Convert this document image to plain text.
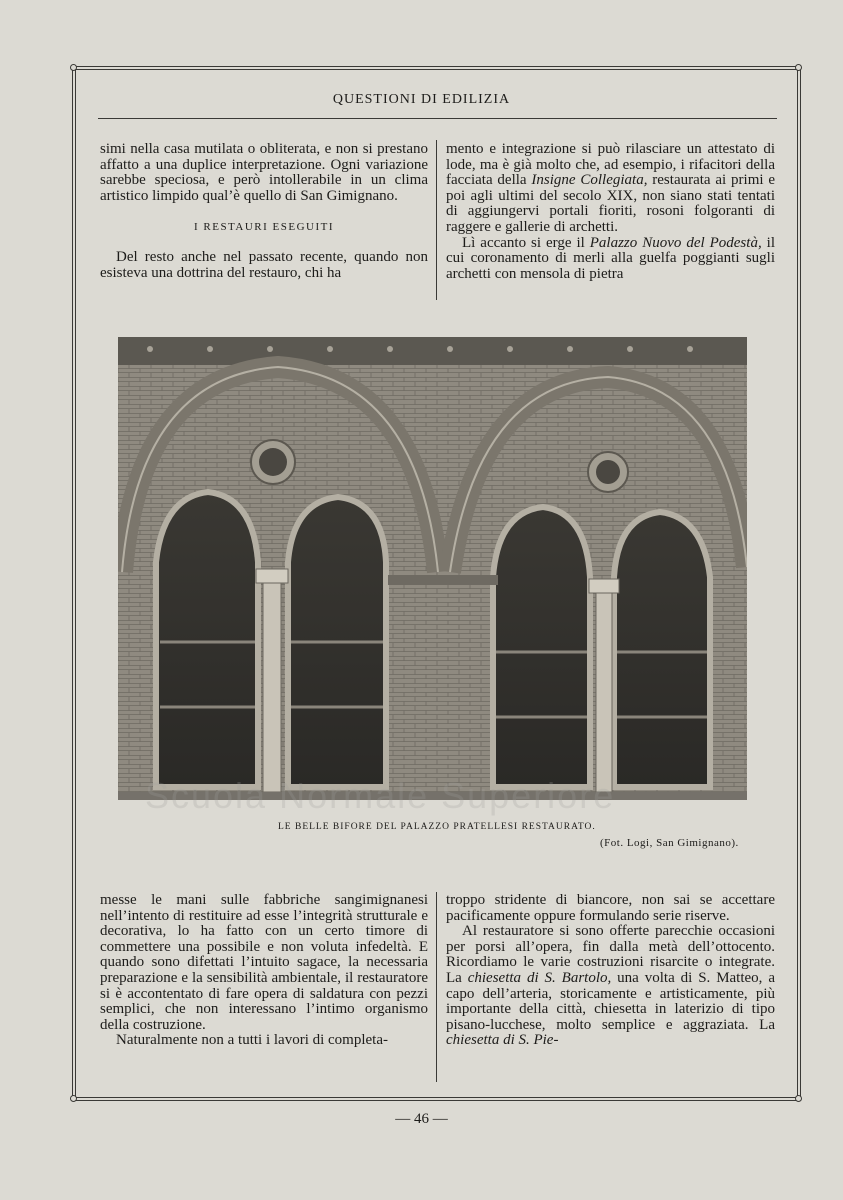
QUESTIONI DI EDILIZIA

simi nella casa mutilata o obliterata, e non si prestano affatto a una duplice interpretazione. Ogni variazione sarebbe speciosa, e però intollerabile in un clima artistico limpido qual’è quello di San Gimignano.

I RESTAURI ESEGUITI

Del resto anche nel passato recente, quando non esisteva una dottrina del restauro, chi ha

mento e integrazione si può rilasciare un attestato di lode, ma è già molto che, ad esempio, i rifacitori della facciata della Insigne Collegiata, restaurata ai primi e poi agli ultimi del secolo XIX, non siano stati tentati di aggiungervi portali fioriti, rosoni folgoranti di raggere e gallerie di archetti.

Lì accanto si erge il Palazzo Nuovo del Podestà, il cui coronamento di merli alla guelfa poggianti sugli archetti con mensola di pietra

Scuola Normale Superiore
LE BELLE BIFORE DEL PALAZZO PRATELLESI RESTAURATO.
(Fot. Logi, San Gimignano).

messe le mani sulle fabbriche sangimignanesi nell’intento di restituire ad esse l’integrità strutturale e decorativa, lo ha fatto con un certo timore di commettere una possibile e non voluta infedeltà. E quando sono difettati l’intuito sagace, la necessaria preparazione e la sensibilità ambientale, il restauratore si è accontentato di fare opera di saldatura con pezzi semplici, che non interessano l’intimo organismo della costruzione.

Naturalmente non a tutti i lavori di completa-

troppo stridente di biancore, non sai se accettare pacificamente oppure formulando serie riserve.

Al restauratore si sono offerte parecchie occasioni per porsi all’opera, fin dalla metà dell’ottocento. Ricordiamo le varie costruzioni risarcite o integrate. La chiesetta di S. Bartolo, una volta di S. Matteo, a capo dell’arteria, storicamente e artisticamente, più importante della città, chiesetta in laterizio di tipo pisano-lucchese, molto semplice e aggraziata. La chiesetta di S. Pie-

— 46 —
